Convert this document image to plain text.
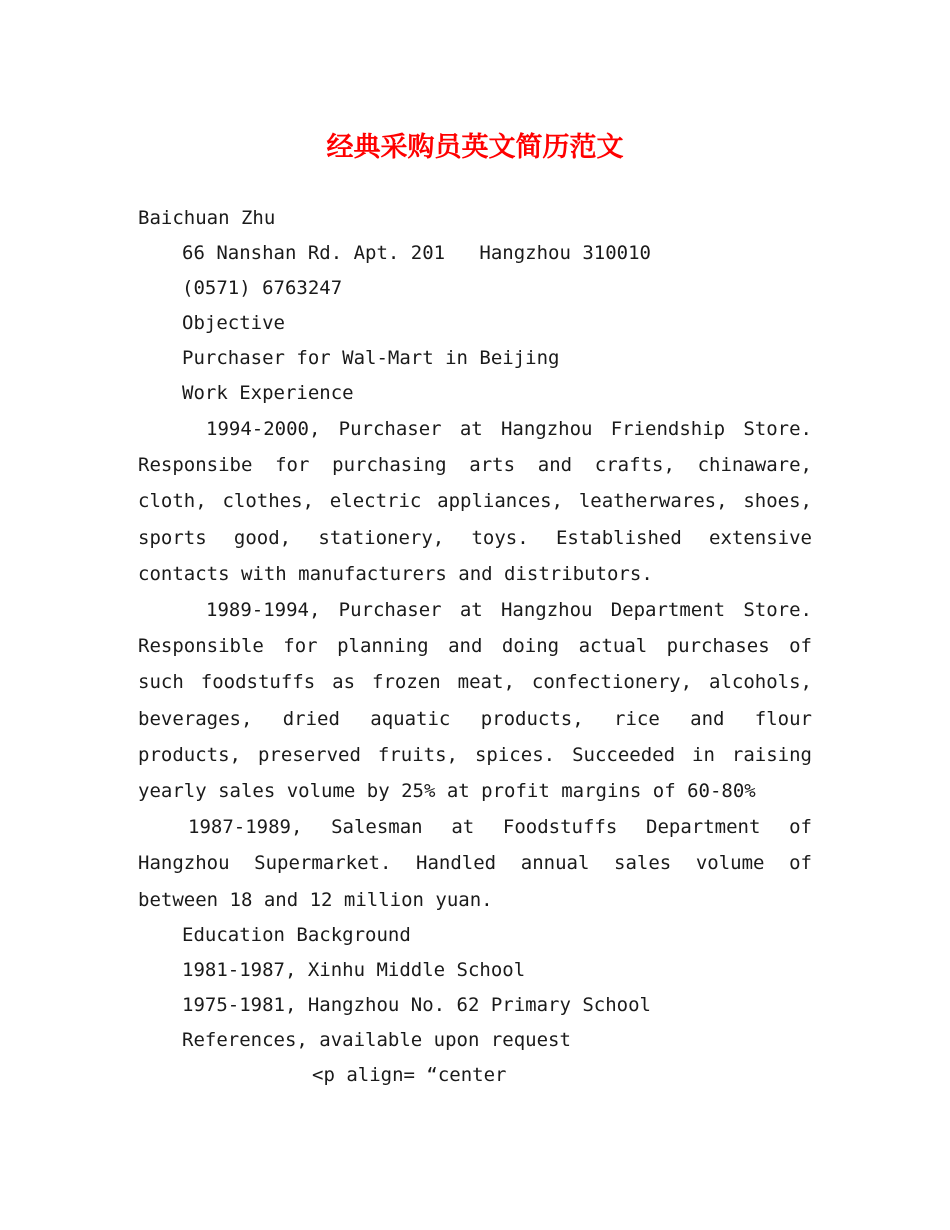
经典采购员英文简历范文
Baichuan Zhu
66 Nanshan Rd. Apt. 201   Hangzhou 310010
(0571) 6763247
Objective
Purchaser for Wal-Mart in Beijing
Work Experience

1994-2000, Purchaser at Hangzhou Friendship Store. Responsibe for purchasing arts and crafts, chinaware, cloth, clothes, electric appliances, leatherwares, shoes, sports good, stationery, toys. Established extensive contacts with manufacturers and distributors.

1989-1994, Purchaser at Hangzhou Department Store. Responsible for planning and doing actual purchases of such foodstuffs as frozen meat, confectionery, alcohols, beverages, dried aquatic products, rice and flour products, preserved fruits, spices. Succeeded in raising yearly sales volume by 25% at profit margins of 60-80%

1987-1989, Salesman at Foodstuffs Department of Hangzhou Supermarket. Handled annual sales volume of between 18 and 12 million yuan.

Education Background
1981-1987, Xinhu Middle School
1975-1981, Hangzhou No. 62 Primary School
References, available upon request
<p align= “center
